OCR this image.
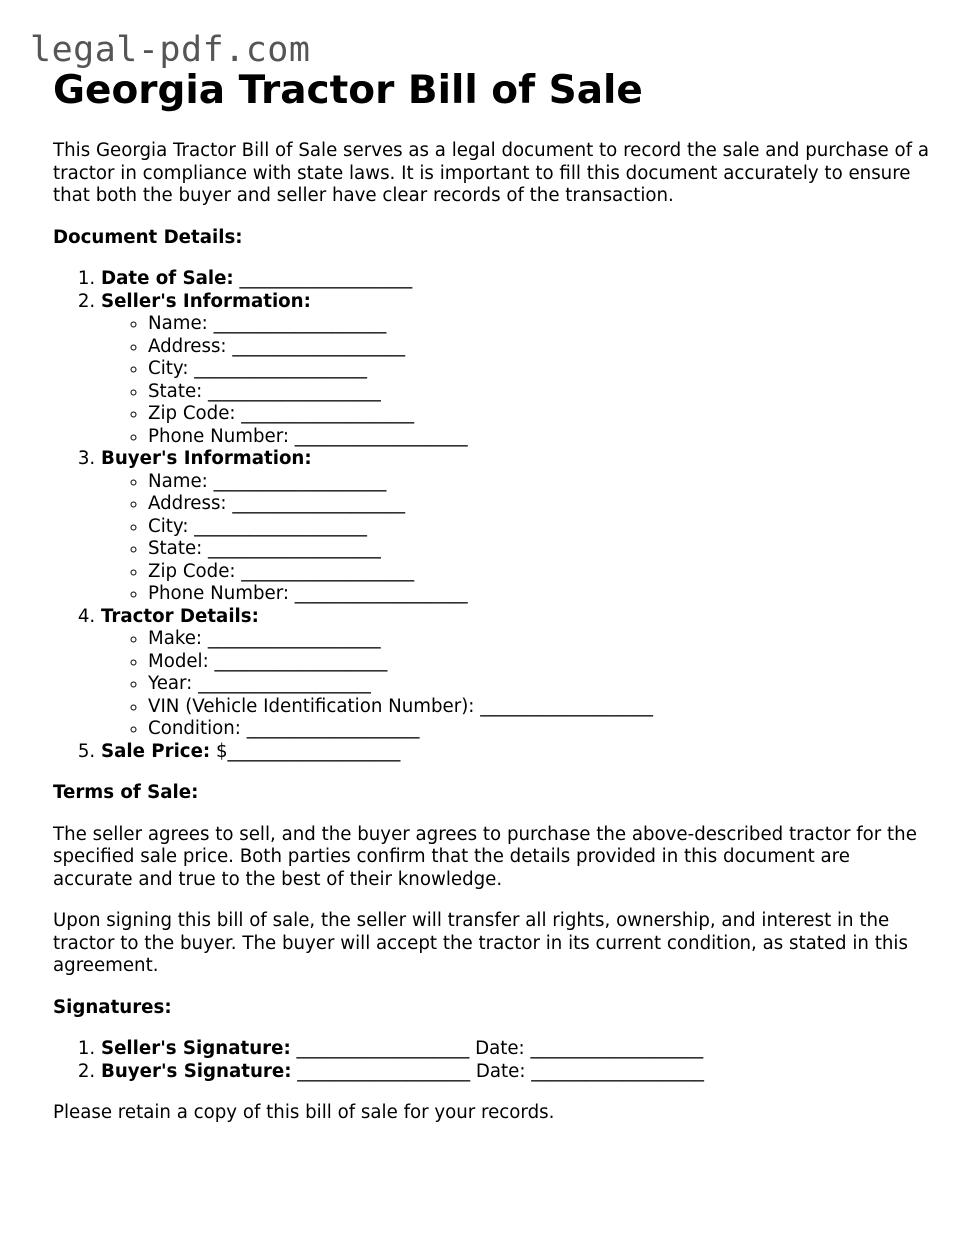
legal-pdf.com
Georgia Tractor Bill of Sale

This Georgia Tractor Bill of Sale serves as a legal document to record the sale and purchase of a tractor in compliance with state laws. It is important to fill this document accurately to ensure that both the buyer and seller have clear records of the transaction.

Document Details:

1. Date of Sale: ___________________
2. Seller's Information:
◦ Name: ___________________
◦ Address: ___________________
◦ City: ___________________
◦ State: ___________________
◦ Zip Code: ___________________
◦ Phone Number: ___________________
3. Buyer's Information:
◦ Name: ___________________
◦ Address: ___________________
◦ City: ___________________
◦ State: ___________________
◦ Zip Code: ___________________
◦ Phone Number: ___________________
4. Tractor Details:
◦ Make: ___________________
◦ Model: ___________________
◦ Year: ___________________
◦ VIN (Vehicle Identification Number): ___________________
◦ Condition: ___________________
5. Sale Price: $___________________

Terms of Sale:

The seller agrees to sell, and the buyer agrees to purchase the above-described tractor for the specified sale price. Both parties confirm that the details provided in this document are accurate and true to the best of their knowledge.

Upon signing this bill of sale, the seller will transfer all rights, ownership, and interest in the tractor to the buyer. The buyer will accept the tractor in its current condition, as stated in this agreement.

Signatures:

1. Seller's Signature: ___________________ Date: ___________________
2. Buyer's Signature: ___________________ Date: ___________________

Please retain a copy of this bill of sale for your records.
